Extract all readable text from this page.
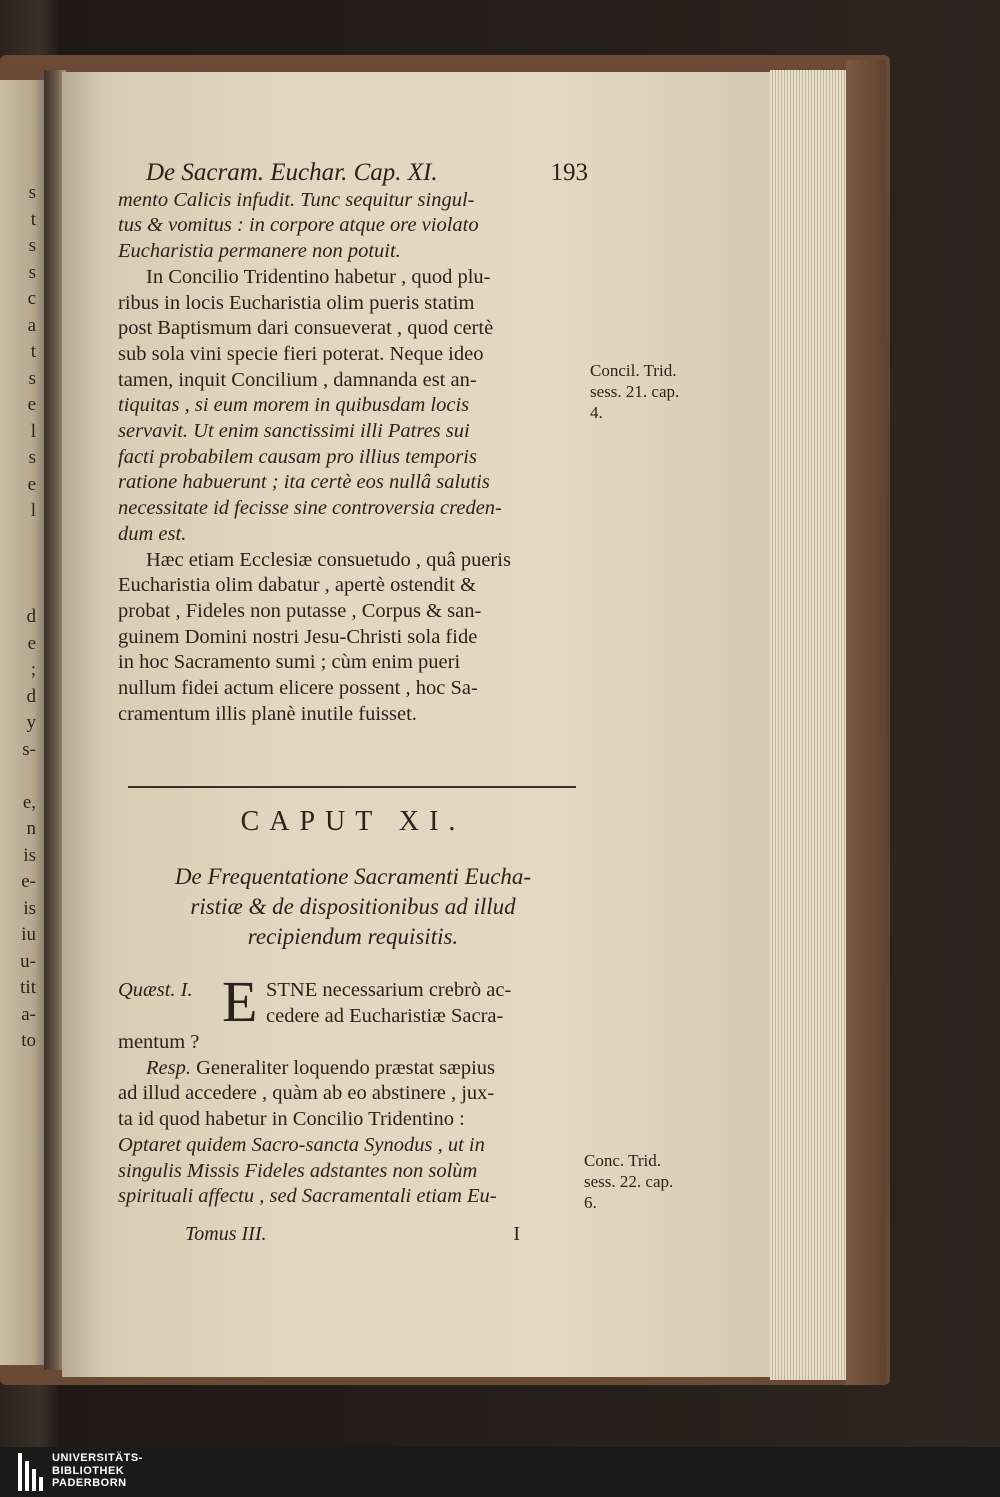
s
t
s
s
c
a
t
s
e
l
s
e
l
d
e
;
d
y
s-
e,
n
is
e-
is
iu
u-
tit
a-
to
De Sacram. Euchar. Cap. XI.	193
mento Calicis infudit. Tunc sequitur singul-
tus & vomitus : in corpore atque ore violato
Eucharistia permanere non potuit.
In Concilio Tridentino habetur , quod plu-
ribus in locis Eucharistia olim pueris statim
post Baptismum dari consueverat , quod certè
sub sola vini specie fieri poterat. Neque ideo
tamen, inquit Concilium , damnanda est an-
tiquitas , si eum morem in quibusdam locis
servavit. Ut enim sanctissimi illi Patres sui
facti probabilem causam pro illius temporis
ratione habuerunt ; ita certè eos nullâ salutis
necessitate id fecisse sine controversia creden-
dum est.
Hæc etiam Ecclesiæ consuetudo , quâ pueris
Eucharistia olim dabatur , apertè ostendit &
probat , Fideles non putasse , Corpus & san-
guinem Domini nostri Jesu-Christi sola fide
in hoc Sacramento sumi ; cùm enim pueri
nullum fidei actum elicere possent , hoc Sa-
cramentum illis planè inutile fuisset.
CAPUT XI.
De Frequentatione Sacramenti Eucha-
ristiæ & de dispositionibus ad illud
recipiendum requisitis.
Quæst. I. E STNE necessarium crebrò ac-
cedere ad Eucharistiæ Sacra-
mentum ?
Resp. Generaliter loquendo præstat sæpius
ad illud accedere , quàm ab eo abstinere , jux-
ta id quod habetur in Concilio Tridentino :
Optaret quidem Sacro-sancta Synodus , ut in
singulis Missis Fideles adstantes non solùm
spirituali affectu , sed Sacramentali etiam Eu-
Concil. Trid.
sess. 21. cap.
4.
Conc. Trid.
sess. 22. cap.
6.
Tomus III.	I
UNIVERSITÄTS-
BIBLIOTHEK
PADERBORN
